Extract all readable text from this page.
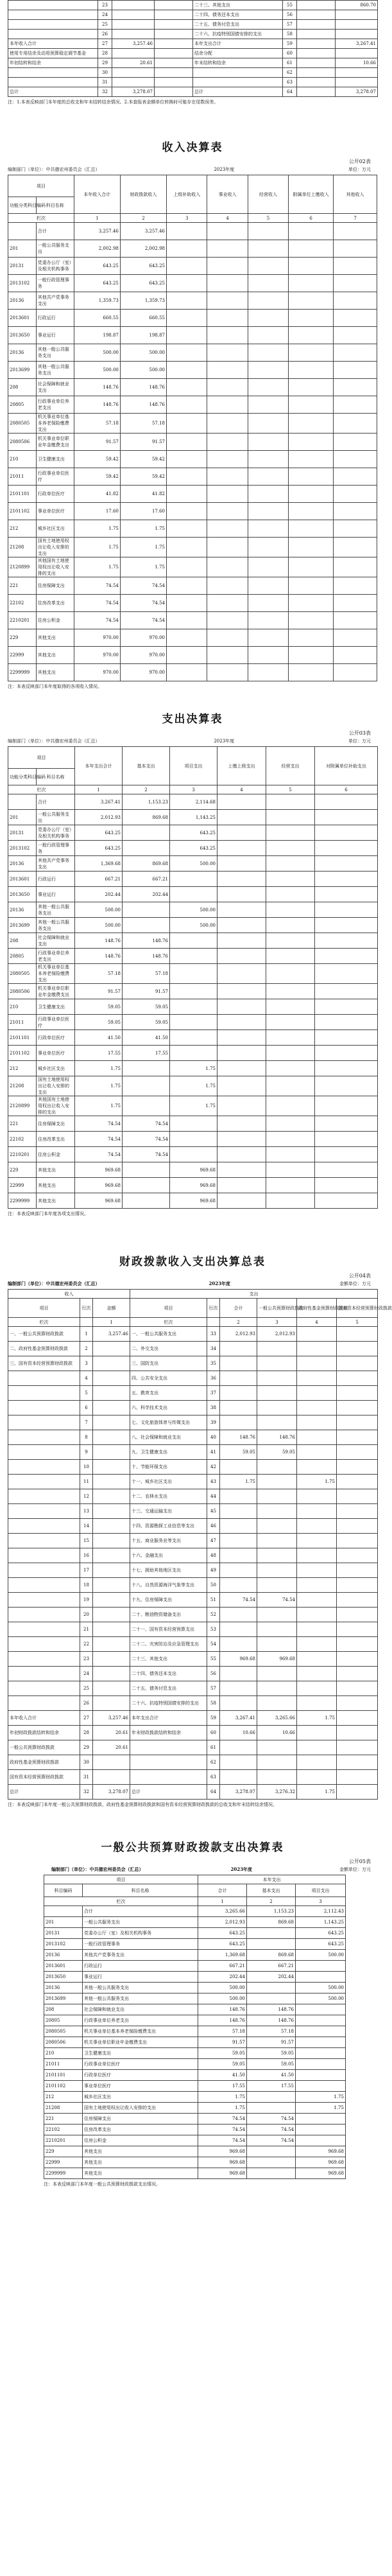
	23			二十三、其他支出	55		860.70
	24			二十四、债务还本支出	56		
	25			二十五、债务付息支出	57		
	26			二十六、抗疫特别国债安排的支出	58		
本年收入合计	27	3,257.46		本年支出合计	59		3,267.41
使用专用结余及动用预算稳定调节基金	28			结余分配	60		
年初结转和结余	29	20.61		年末结转和结余	61		10.66
	30				62		
	31				63		
总计	32	3,278.07		总计	64		3,278.07
注：1.本表反映部门本年度的总收支和年末结转结余情况。2.本套报表金额单位转换时可能存在尾数误差。
收入决算表
公开02表
编制部门（单位）：中共德宏州委员会（汇总）	2023年度	单位：万元
项目		本年收入合计	财政拨款收入	上级补助收入	事业收入	经营收入	附属单位上缴收入	其他收入
功能分类科目编码	科目名称							
栏次		1	2	3	4	5	6	7
	合计	3,257.46	3,257.46					
201	一般公共服务支出	2,002.98	2,002.98					
20131	党委办公厅（室）及相关机构事务	643.25	643.25					
2013102	一般行政管理事务	643.25	643.25					
20136	其他共产党事务支出	1,359.73	1,359.73					
2013601	行政运行	660.55	660.55					
2013650	事业运行	198.87	198.87					
20136	其他一般公共服务支出	500.00	500.00					
2013699	其他一般公共服务支出	500.00	500.00					
208	社会保障和就业支出	148.76	148.76					
20805	行政事业单位养老支出	148.76	148.76					
2080505	机关事业单位基本养老保险缴费支出	57.18	57.18					
2080506	机关事业单位职业年金缴费支出	91.57	91.57					
210	卫生健康支出	59.42	59.42					
21011	行政事业单位医疗	59.42	59.42					
2101101	行政单位医疗	41.82	41.82					
2101102	事业单位医疗	17.60	17.60					
212	城乡社区支出	1.75	1.75					
21208	国有土地使用权出让收入安排的支出	1.75	1.75					
2120899	其他国有土地使用权出让收入安排的支出	1.75	1.75					
221	住房保障支出	74.54	74.54					
22102	住房改革支出	74.54	74.54					
2210201	住房公积金	74.54	74.54					
229	其他支出	970.00	970.00					
22999	其他支出	970.00	970.00					
2299999	其他支出	970.00	970.00					
注：本表反映部门本年度取得的各项收入情况。
支出决算表
公开03表
编制部门（单位）：中共德宏州委员会（汇总）	2023年度	单位：万元
项目		本年支出合计	基本支出	项目支出	上缴上级支出	经营支出	对附属单位补助支出
功能分类科目编码	科目名称						
栏次		1	2	3	4	5	6
	合计	3,267.41	1,153.23	2,114.68			
201	一般公共服务支出	2,012.93	869.68	1,143.25			
20131	党委办公厅（室）及相关机构事务	643.25		643.25			
2013102	一般行政管理事务	643.25		643.25			
20136	其他共产党事务支出	1,369.68	869.68	500.00			
2013601	行政运行	667.21	667.21				
2013650	事业运行	202.44	202.44				
20136	其他一般公共服务支出	500.00		500.00			
2013699	其他一般公共服务支出	500.00		500.00			
208	社会保障和就业支出	148.76	148.76				
20805	行政事业单位养老支出	148.76	148.76				
2080505	机关事业单位基本养老保险缴费支出	57.18	57.18				
2080506	机关事业单位职业年金缴费支出	91.57	91.57				
210	卫生健康支出	59.05	59.05				
21011	行政事业单位医疗	59.05	59.05				
2101101	行政单位医疗	41.50	41.50				
2101102	事业单位医疗	17.55	17.55				
212	城乡社区支出	1.75		1.75			
21208	国有土地使用权出让收入安排的支出	1.75		1.75			
2120899	其他国有土地使用权出让收入安排的支出	1.75		1.75			
221	住房保障支出	74.54	74.54				
22102	住房改革支出	74.54	74.54				
2210201	住房公积金	74.54	74.54				
229	其他支出	969.68		969.68			
22999	其他支出	969.68		969.68			
2299999	其他支出	969.68		969.68			
注：本表反映部门本年度各项支出情况。
财政拨款收入支出决算总表
公开04表
编制部门（单位）：中共德宏州委员会（汇总）	2023年度	金额单位：万元
收入			支出					
项目	行次	金额	项目	行次	合计	一般公共预算财政拨款	政府性基金预算财政拨款	国有资本经营预算财政拨款
栏次		1	栏次		2	3	4	5
一、一般公共预算财政拨款	1	3,257.46	一、一般公共服务支出	33	2,012.93	2,012.93		
二、政府性基金预算财政拨款	2		二、外交支出	34				
三、国有资本经营预算财政拨款	3		三、国防支出	35				
	4		四、公共安全支出	36				
	5		五、教育支出	37				
	6		六、科学技术支出	38				
	7		七、文化旅游体育与传媒支出	39				
	8		八、社会保障和就业支出	40	148.76	148.76		
	9		九、卫生健康支出	41	59.05	59.05		
	10		十、节能环保支出	42				
	11		十一、城乡社区支出	43	1.75		1.75	
	12		十二、农林水支出	44				
	13		十三、交通运输支出	45				
	14		十四、资源勘探工业信息等支出	46				
	15		十五、商业服务业等支出	47				
	16		十六、金融支出	48				
	17		十七、援助其他地区支出	49				
	18		十八、自然资源海洋气象等支出	50				
	19		十九、住房保障支出	51	74.54	74.54		
	20		二十、粮油物资储备支出	52				
	21		二十一、国有资本经营预算支出	53				
	22		二十二、灾害防治及应急管理支出	54				
	23		二十三、其他支出	55	969.68	969.68		
	24		二十四、债务还本支出	56				
	25		二十五、债务付息支出	57				
	26		二十六、抗疫特别国债安排的支出	58				
本年收入合计	27	3,257.46	本年支出合计	59	3,267.41	3,265.66	1.75	
年初财政拨款结转和结余	28	20.61	年末财政拨款结转和结余	60	10.66	10.66		
一般公共预算财政拨款	29	20.61		61				
政府性基金预算财政拨款	30			62				
国有资本经营预算财政拨款	31			63				
总计	32	3,278.07	总计	64	3,278.07	3,276.32	1.75	
注：本表反映部门本年度一般公共预算财政拨款、政府性基金预算财政拨款和国有资本经营预算财政拨款的总收支和年末结转结余情况。
一般公共预算财政拨款支出决算表
公开05表
编制部门（单位）：中共德宏州委员会（汇总）	2023年度	金额单位：万元
项目		本年支出		
科目编码	科目名称	合计	基本支出	项目支出
栏次		1	2	3
	合计	3,265.66	1,153.23	2,112.43
201	一般公共服务支出	2,012.93	869.68	1,143.25
20131	党委办公厅（室）及相关机构事务	643.25		643.25
2013102	一般行政管理事务	643.25		643.25
20136	其他共产党事务支出	1,369.68	869.68	500.00
2013601	行政运行	667.21	667.21	
2013650	事业运行	202.44	202.44	
20136	其他一般公共服务支出	500.00		500.00
2013699	其他一般公共服务支出	500.00		500.00
208	社会保障和就业支出	148.76	148.76	
20805	行政事业单位养老支出	148.76	148.76	
2080505	机关事业单位基本养老保险缴费支出	57.18	57.18	
2080506	机关事业单位职业年金缴费支出	91.57	91.57	
210	卫生健康支出	59.05	59.05	
21011	行政事业单位医疗	59.05	59.05	
2101101	行政单位医疗	41.50	41.50	
2101102	事业单位医疗	17.55	17.55	
212	城乡社区支出	1.75		1.75
21208	国有土地使用权出让收入安排的支出	1.75		1.75
221	住房保障支出	74.54	74.54	
22102	住房改革支出	74.54	74.54	
2210201	住房公积金	74.54	74.54	
229	其他支出	969.68		969.68
22999	其他支出	969.68		969.68
2299999	其他支出	969.68		969.68
注：本表反映部门本年度一般公共预算财政拨款支出情况。
